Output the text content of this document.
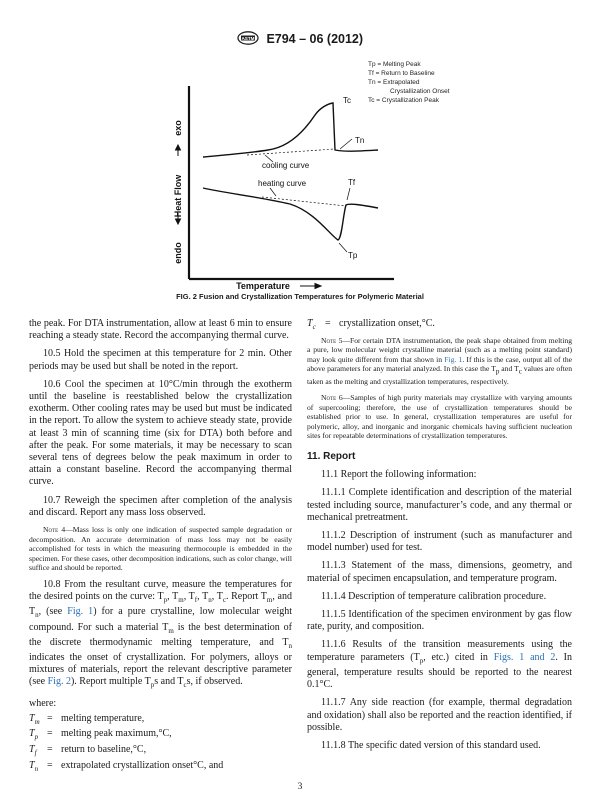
ASTM E794 – 06 (2012)
Tp = Melting Peak
Tf = Return to Baseline
Tn = Extrapolated
Crystallization Onset
Tc = Crystallization Peak
exo
Heat Flow
endo
Temperature
Tc
Tn
cooling curve
heating curve	Tf
Tp
FIG. 2 Fusion and Crystallization Temperatures for Polymeric Material

the peak. For DTA instrumentation, allow at least 6 min to ensure reaching a steady state. Record the accompanying thermal curve.

10.5 Hold the specimen at this temperature for 2 min. Other periods may be used but shall be noted in the report.

10.6 Cool the specimen at 10°C/min through the exotherm until the baseline is reestablished below the crystallization exotherm. Other cooling rates may be used but must be indicated in the report. To allow the system to achieve steady state, provide at least 3 min of scanning time (six for DTA) both before and after the peak. For some materials, it may be necessary to scan several tens of degrees below the peak maximum in order to attain a constant baseline. Record the accompanying thermal curve.

10.7 Reweigh the specimen after completion of the analysis and discard. Report any mass loss observed.

Note 4—Mass loss is only one indication of suspected sample degradation or decomposition. An accurate determination of mass loss may not be easily accomplished for tests in which the measuring thermocouple is embedded in the specimen. For these cases, other decomposition indications, such as color change, will suffice and should be reported.

10.8 From the resultant curve, measure the temperatures for the desired points on the curve: $T_p$, $T_m$, $T_f$, $T_n$, $T_c$. Report $T_m$, and $T_n$, (see Fig. 1) for a pure crystalline, low molecular weight compound. For such a material $T_m$ is the best determination of the discrete thermodynamic melting temperature, and $T_n$ indicates the onset of crystallization. For polymers, alloys or mixtures of materials, report the relevant descriptive parameter (see Fig. 2). Report multiple $T_ps$ and $T_cs$, if observed.

where:

$T_m$ = melting temperature,
$T_p$ = melting peak maximum,°C,
$T_f$	= return to baseline,°C,
$T_n$ = extrapolated crystallization onset°C, and
$T_c$ = crystallization onset,°C.

Note 5—For certain DTA instrumentation, the peak shape obtained from melting a pure, low molecular weight crystalline material (such as a melting point standard) may look quite different from that shown in Fig. 1. If this is the case, output all of the above parameters for any material analyzed. In this case the $T_p$ and $T_c$ values are often taken as the melting and crystallization temperatures, respectively.

Note 6—Samples of high purity materials may crystallize with varying amounts of supercooling; therefore, the use of crystallization temperatures should be established prior to use. In general, crystallization temperatures are useful for polymeric, alloy, and inorganic and inorganic chemicals having sufficient nucleation sites for repeatable determinations of crystallization temperatures.

11. Report

11.1 Report the following information:

11.1.1 Complete identification and description of the material tested including source, manufacturer’s code, and any thermal or mechanical pretreatment.

11.1.2 Description of instrument (such as manufacturer and model number) used for test.

11.1.3 Statement of the mass, dimensions, geometry, and material of specimen encapsulation, and temperature program.

11.1.4 Description of temperature calibration procedure.

11.1.5 Identification of the specimen environment by gas flow rate, purity, and composition.

11.1.6 Results of the transition measurements using the temperature parameters ($T_p$, etc.) cited in Figs. 1 and 2. In general, temperature results should be reported to the nearest 0.1°C.

11.1.7 Any side reaction (for example, thermal degradation and oxidation) shall also be reported and the reaction identified, if possible.

11.1.8 The specific dated version of this standard used.

3
